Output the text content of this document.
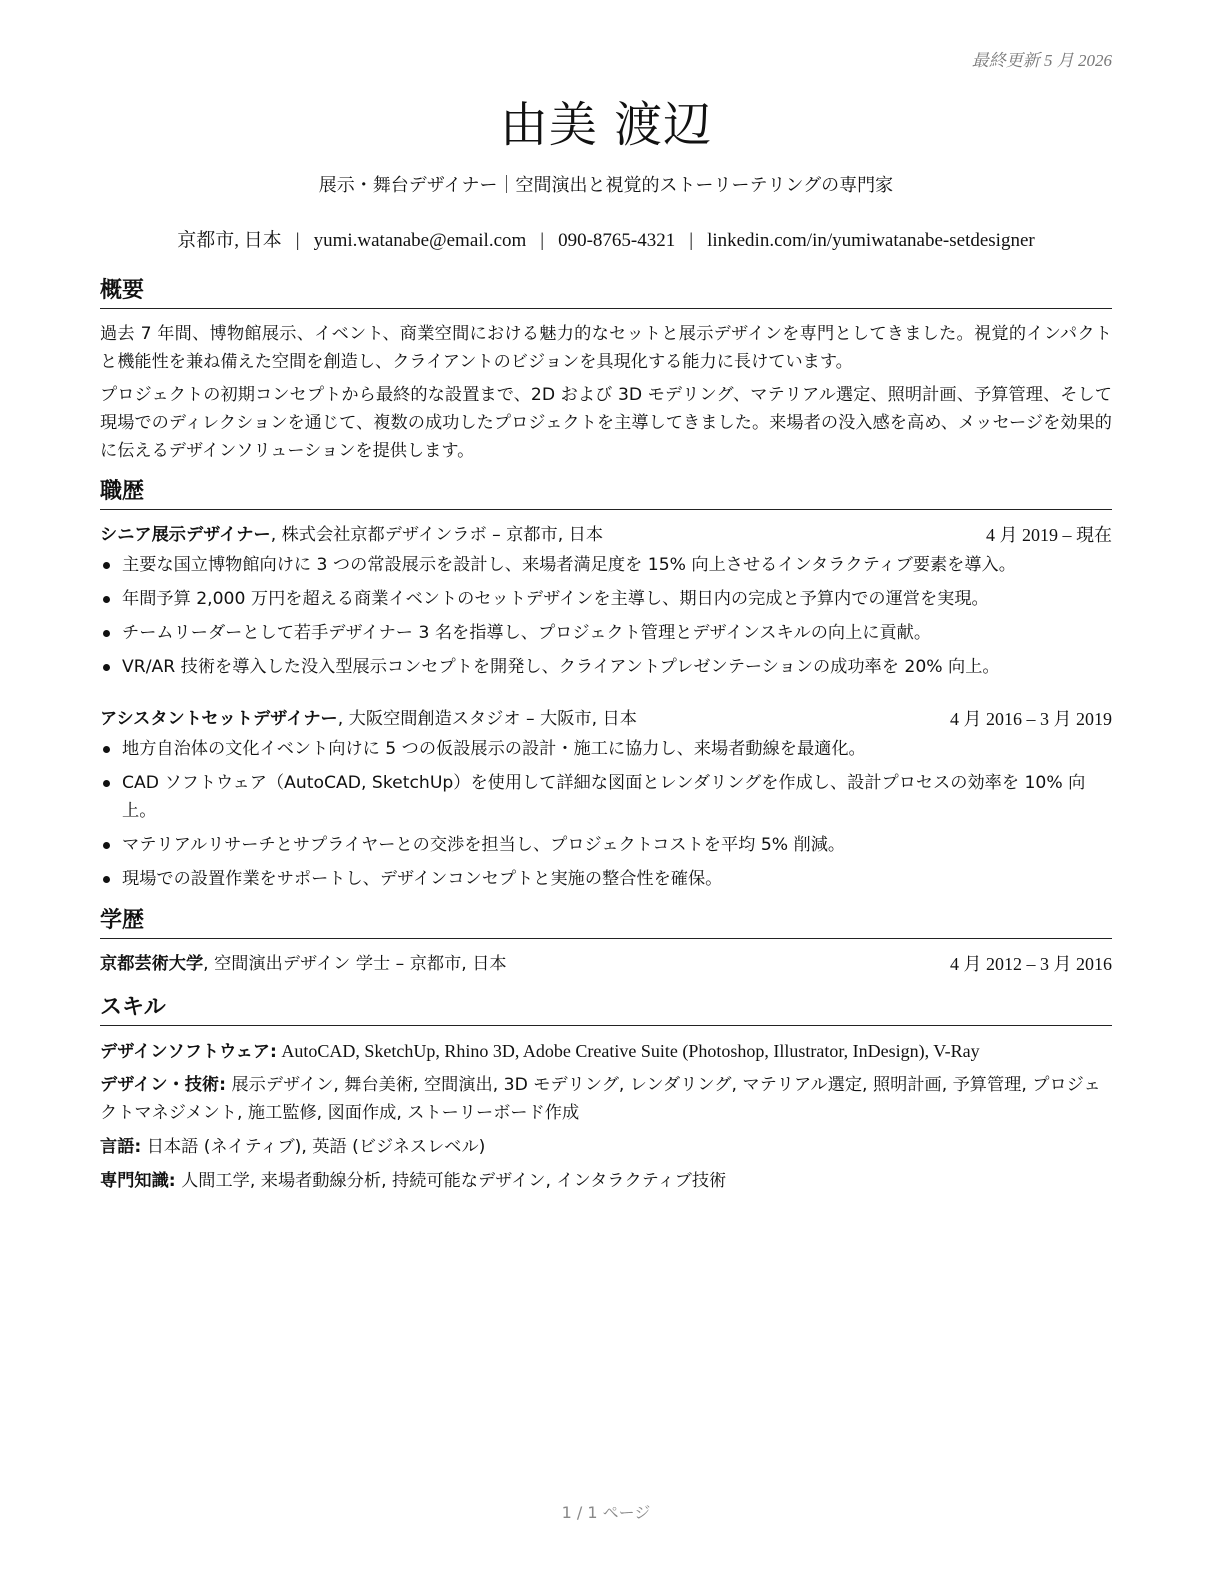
最終更新 5 月 2026
由美 渡辺
展示・舞台デザイナー｜空間演出と視覚的ストーリーテリングの専門家
京都市, 日本 | yumi.watanabe@email.com | 090-8765-4321 | linkedin.com/in/yumiwatanabe-setdesigner
概要
過去 7 年間、博物館展示、イベント、商業空間における魅力的なセットと展示デザインを専門としてきました。視覚的インパクトと機能性を兼ね備えた空間を創造し、クライアントのビジョンを具現化する能力に長けています。
プロジェクトの初期コンセプトから最終的な設置まで、2D および 3D モデリング、マテリアル選定、照明計画、予算管理、そして現場でのディレクションを通じて、複数の成功したプロジェクトを主導してきました。来場者の没入感を高め、メッセージを効果的に伝えるデザインソリューションを提供します。
職歴
シニア展示デザイナー, 株式会社京都デザインラボ – 京都市, 日本	4 月 2019 – 現在
主要な国立博物館向けに 3 つの常設展示を設計し、来場者満足度を 15% 向上させるインタラクティブ要素を導入。
年間予算 2,000 万円を超える商業イベントのセットデザインを主導し、期日内の完成と予算内での運営を実現。
チームリーダーとして若手デザイナー 3 名を指導し、プロジェクト管理とデザインスキルの向上に貢献。
VR/AR 技術を導入した没入型展示コンセプトを開発し、クライアントプレゼンテーションの成功率を 20% 向上。
アシスタントセットデザイナー, 大阪空間創造スタジオ – 大阪市, 日本	4 月 2016 – 3 月 2019
地方自治体の文化イベント向けに 5 つの仮設展示の設計・施工に協力し、来場者動線を最適化。
CAD ソフトウェア（AutoCAD, SketchUp）を使用して詳細な図面とレンダリングを作成し、設計プロセスの効率を 10% 向上。
マテリアルリサーチとサプライヤーとの交渉を担当し、プロジェクトコストを平均 5% 削減。
現場での設置作業をサポートし、デザインコンセプトと実施の整合性を確保。
学歴
京都芸術大学, 空間演出デザイン 学士 – 京都市, 日本	4 月 2012 – 3 月 2016
スキル
デザインソフトウェア: AutoCAD, SketchUp, Rhino 3D, Adobe Creative Suite (Photoshop, Illustrator, InDesign), V-Ray
デザイン・技術: 展示デザイン, 舞台美術, 空間演出, 3D モデリング, レンダリング, マテリアル選定, 照明計画, 予算管理, プロジェクトマネジメント, 施工監修, 図面作成, ストーリーボード作成
言語: 日本語 (ネイティブ), 英語 (ビジネスレベル)
専門知識: 人間工学, 来場者動線分析, 持続可能なデザイン, インタラクティブ技術
1 / 1 ページ
